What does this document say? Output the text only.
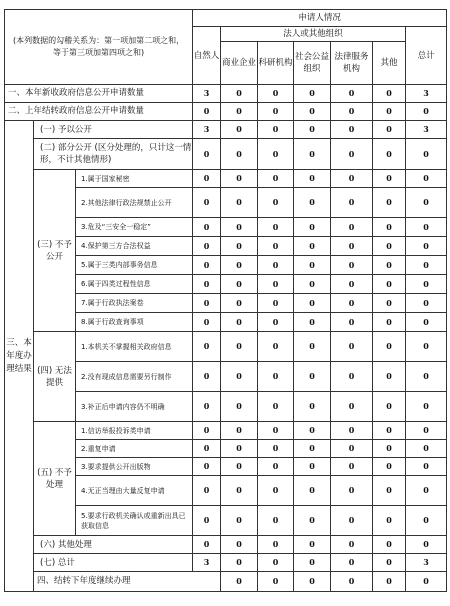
(本列数据的勾稽关系为：第一项加第二项之和，等于第三项加第四项之和)			申请人情况							
			自然人	法人或其他组织					总计	
				商业企业	科研机构	社会公益组织	法律服务机构	其他		
一、本年新收政府信息公开申请数量			3	0	0	0	0	0	3	
二、上年结转政府信息公开申请数量			0	0	0	0	0	0	0	
三、本年度办理结果	(一) 予以公开		3	0	0	0	0	0	3	
	(二) 部分公开 (区分处理的，只计这一情形，不计其他情形)		0	0	0	0	0	0	0	
	(三) 不予公开	1.属于国家秘密	0	0	0	0	0	0	0	
		2.其他法律行政法规禁止公开	0	0	0	0	0	0	0	
		3.危及“三安全一稳定”	0	0	0	0	0	0	0	
		4.保护第三方合法权益	0	0	0	0	0	0	0	
		5.属于三类内部事务信息	0	0	0	0	0	0	0	
		6.属于四类过程性信息	0	0	0	0	0	0	0	
		7.属于行政执法案卷	0	0	0	0	0	0	0	
		8.属于行政查询事项	0	0	0	0	0	0	0	
	(四) 无法提供	1.本机关不掌握相关政府信息	0	0	0	0	0	0	0	
		2.没有现成信息需要另行制作	0	0	0	0	0	0	0	
		3.补正后申请内容仍不明确	0	0	0	0	0	0	0	
	(五) 不予处理	1.信访举报投诉类申请	0	0	0	0	0	0	0	
		2.重复申请	0	0	0	0	0	0	0	
		3.要求提供公开出版物	0	0	0	0	0	0	0	
		4.无正当理由大量反复申请	0	0	0	0	0	0	0	
		5.要求行政机关确认或重新出具已获取信息	0	0	0	0	0	0	0	
	(六) 其他处理		0	0	0	0	0	0	0	
	(七) 总计		3	0	0	0	0	0	3	
	四、结转下年度继续办理			0	0	0	0	0	0	
